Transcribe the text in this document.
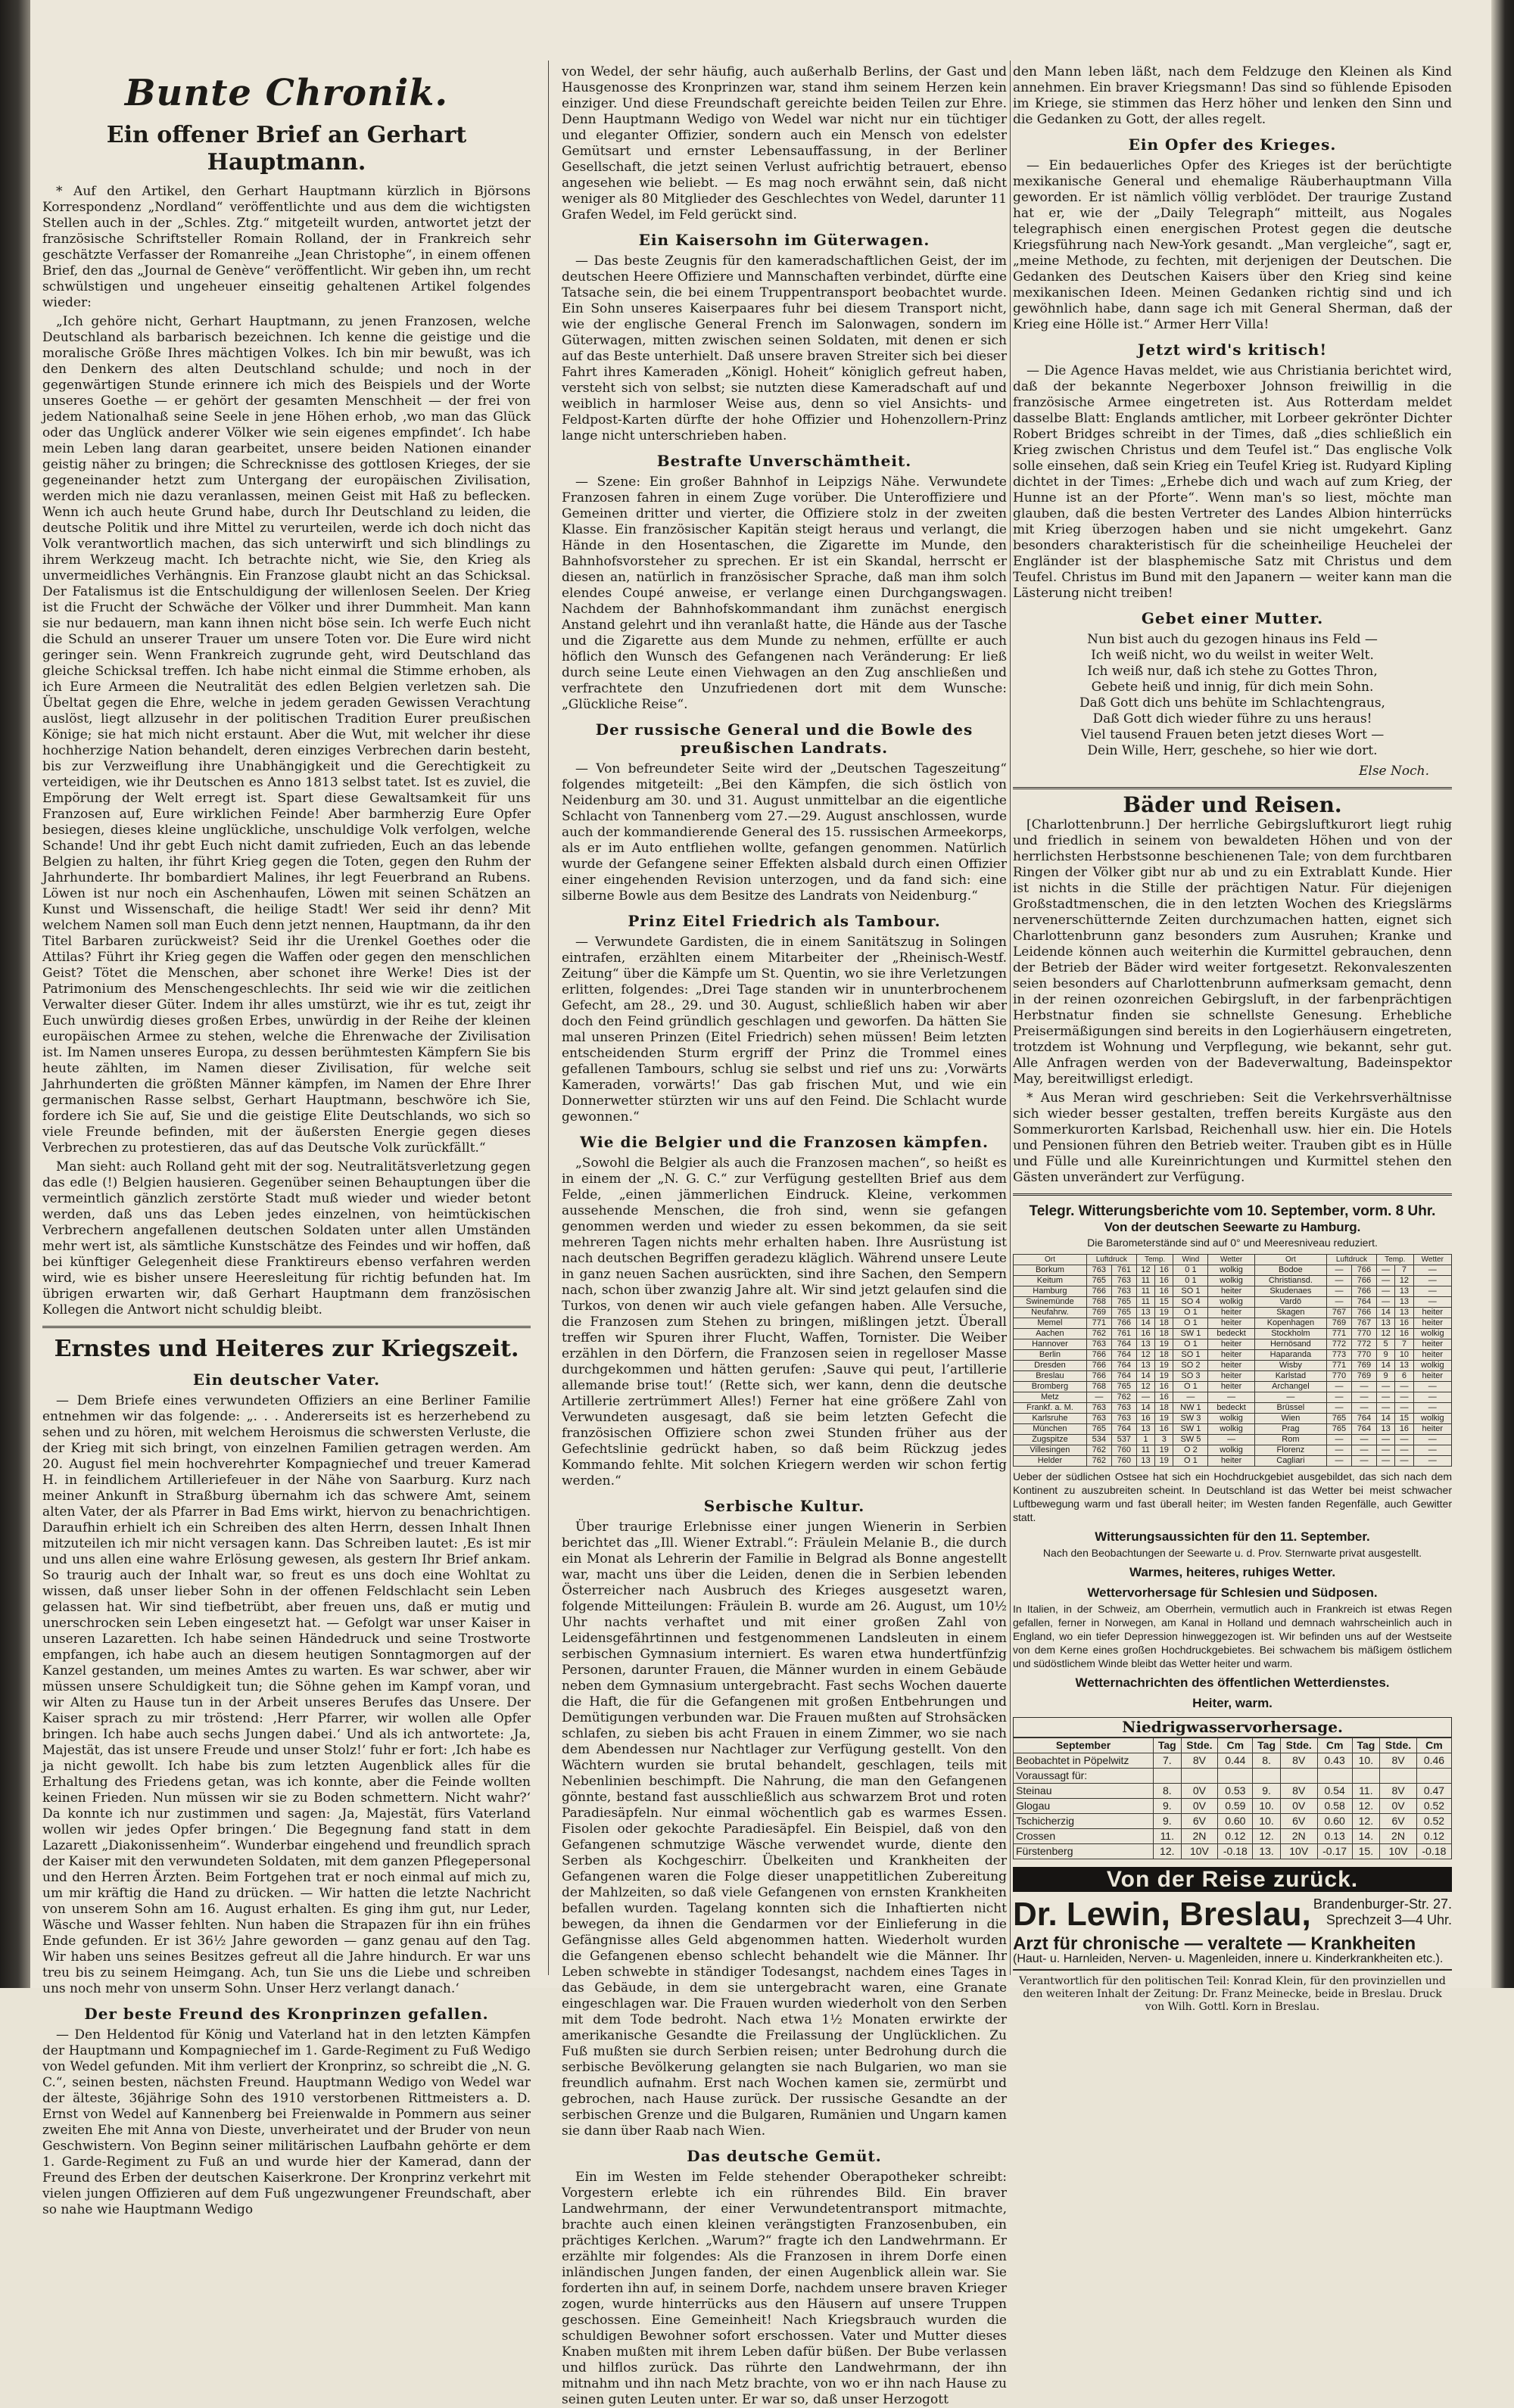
Bunte Chronik.
Ein offener Brief an Gerhart Hauptmann.

* Auf den Artikel, den Gerhart Hauptmann kürzlich in Björsons Korrespondenz „Nordland“ veröffentlichte und aus dem die wichtigsten Stellen auch in der „Schles. Ztg.“ mitgeteilt wurden, antwortet jetzt der französische Schriftsteller Romain Rolland, der in Frankreich sehr geschätzte Verfasser der Romanreihe „Jean Christophe“, in einem offenen Brief, den das „Journal de Genève“ veröffentlicht. Wir geben ihn, um recht schwülstigen und ungeheuer einseitig gehaltenen Artikel folgendes wieder:

„Ich gehöre nicht, Gerhart Hauptmann, zu jenen Franzosen, welche Deutschland als barbarisch bezeichnen. Ich kenne die geistige und die moralische Größe Ihres mächtigen Volkes. Ich bin mir bewußt, was ich den Denkern des alten Deutschland schulde; und noch in der gegenwärtigen Stunde erinnere ich mich des Beispiels und der Worte unseres Goethe — er gehört der gesamten Menschheit — der frei von jedem Nationalhaß seine Seele in jene Höhen erhob, ‚wo man das Glück oder das Unglück anderer Völker wie sein eigenes empfindet‘. Ich habe mein Leben lang daran gearbeitet, unsere beiden Nationen einander geistig näher zu bringen; die Schrecknisse des gottlosen Krieges, der sie gegeneinander hetzt zum Untergang der europäischen Zivilisation, werden mich nie dazu veranlassen, meinen Geist mit Haß zu beflecken. Wenn ich auch heute Grund habe, durch Ihr Deutschland zu leiden, die deutsche Politik und ihre Mittel zu verurteilen, werde ich doch nicht das Volk verantwortlich machen, das sich unterwirft und sich blindlings zu ihrem Werkzeug macht. Ich betrachte nicht, wie Sie, den Krieg als unvermeidliches Verhängnis. Ein Franzose glaubt nicht an das Schicksal. Der Fatalismus ist die Entschuldigung der willenlosen Seelen. Der Krieg ist die Frucht der Schwäche der Völker und ihrer Dummheit. Man kann sie nur bedauern, man kann ihnen nicht böse sein. Ich werfe Euch nicht die Schuld an unserer Trauer um unsere Toten vor. Die Eure wird nicht geringer sein. Wenn Frankreich zugrunde geht, wird Deutschland das gleiche Schicksal treffen. Ich habe nicht einmal die Stimme erhoben, als ich Eure Armeen die Neutralität des edlen Belgien verletzen sah. Die Übeltat gegen die Ehre, welche in jedem geraden Gewissen Verachtung auslöst, liegt allzusehr in der politischen Tradition Eurer preußischen Könige; sie hat mich nicht erstaunt. Aber die Wut, mit welcher ihr diese hochherzige Nation behandelt, deren einziges Verbrechen darin besteht, bis zur Verzweiflung ihre Unabhängigkeit und die Gerechtigkeit zu verteidigen, wie ihr Deutschen es Anno 1813 selbst tatet. Ist es zuviel, die Empörung der Welt erregt ist. Spart diese Gewaltsamkeit für uns Franzosen auf, Eure wirklichen Feinde! Aber barmherzig Eure Opfer besiegen, dieses kleine unglückliche, unschuldige Volk verfolgen, welche Schande! Und ihr gebt Euch nicht damit zufrieden, Euch an das lebende Belgien zu halten, ihr führt Krieg gegen die Toten, gegen den Ruhm der Jahrhunderte. Ihr bombardiert Malines, ihr legt Feuerbrand an Rubens. Löwen ist nur noch ein Aschenhaufen, Löwen mit seinen Schätzen an Kunst und Wissenschaft, die heilige Stadt! Wer seid ihr denn? Mit welchem Namen soll man Euch denn jetzt nennen, Hauptmann, da ihr den Titel Barbaren zurückweist? Seid ihr die Urenkel Goethes oder die Attilas? Führt ihr Krieg gegen die Waffen oder gegen den menschlichen Geist? Tötet die Menschen, aber schonet ihre Werke! Dies ist der Patrimonium des Menschengeschlechts. Ihr seid wie wir die zeitlichen Verwalter dieser Güter. Indem ihr alles umstürzt, wie ihr es tut, zeigt ihr Euch unwürdig dieses großen Erbes, unwürdig in der Reihe der kleinen europäischen Armee zu stehen, welche die Ehrenwache der Zivilisation ist. Im Namen unseres Europa, zu dessen berühmtesten Kämpfern Sie bis heute zählten, im Namen dieser Zivilisation, für welche seit Jahrhunderten die größten Männer kämpfen, im Namen der Ehre Ihrer germanischen Rasse selbst, Gerhart Hauptmann, beschwöre ich Sie, fordere ich Sie auf, Sie und die geistige Elite Deutschlands, wo sich so viele Freunde befinden, mit der äußersten Energie gegen dieses Verbrechen zu protestieren, das auf das Deutsche Volk zurückfällt.“

Man sieht: auch Rolland geht mit der sog. Neutralitätsverletzung gegen das edle (!) Belgien hausieren. Gegenüber seinen Behauptungen über die vermeintlich gänzlich zerstörte Stadt muß wieder und wieder betont werden, daß uns das Leben jedes einzelnen, von heimtückischen Verbrechern angefallenen deutschen Soldaten unter allen Umständen mehr wert ist, als sämtliche Kunstschätze des Feindes und wir hoffen, daß bei künftiger Gelegenheit diese Franktireurs ebenso verfahren werden wird, wie es bisher unsere Heeresleitung für richtig befunden hat. Im übrigen erwarten wir, daß Gerhart Hauptmann dem französischen Kollegen die Antwort nicht schuldig bleibt.

Ernstes und Heiteres zur Kriegszeit.
Ein deutscher Vater.

— Dem Briefe eines verwundeten Offiziers an eine Berliner Familie entnehmen wir das folgende: „. . . Andererseits ist es herzerhebend zu sehen und zu hören, mit welchem Heroismus die schwersten Verluste, die der Krieg mit sich bringt, von einzelnen Familien getragen werden. Am 20. August fiel mein hochverehrter Kompagniechef und treuer Kamerad H. in feindlichem Artilleriefeuer in der Nähe von Saarburg. Kurz nach meiner Ankunft in Straßburg übernahm ich das schwere Amt, seinem alten Vater, der als Pfarrer in Bad Ems wirkt, hiervon zu benachrichtigen. Daraufhin erhielt ich ein Schreiben des alten Herrn, dessen Inhalt Ihnen mitzuteilen ich mir nicht versagen kann. Das Schreiben lautet: ‚Es ist mir und uns allen eine wahre Erlösung gewesen, als gestern Ihr Brief ankam. So traurig auch der Inhalt war, so freut es uns doch eine Wohltat zu wissen, daß unser lieber Sohn in der offenen Feldschlacht sein Leben gelassen hat. Wir sind tiefbetrübt, aber freuen uns, daß er mutig und unerschrocken sein Leben eingesetzt hat. — Gefolgt war unser Kaiser in unseren Lazaretten. Ich habe seinen Händedruck und seine Trostworte empfangen, ich habe auch an diesem heutigen Sonntagmorgen auf der Kanzel gestanden, um meines Amtes zu warten. Es war schwer, aber wir müssen unsere Schuldigkeit tun; die Söhne gehen im Kampf voran, und wir Alten zu Hause tun in der Arbeit unseres Berufes das Unsere. Der Kaiser sprach zu mir tröstend: ‚Herr Pfarrer, wir wollen alle Opfer bringen. Ich habe auch sechs Jungen dabei.‘ Und als ich antwortete: ‚Ja, Majestät, das ist unsere Freude und unser Stolz!‘ fuhr er fort: ‚Ich habe es ja nicht gewollt. Ich habe bis zum letzten Augenblick alles für die Erhaltung des Friedens getan, was ich konnte, aber die Feinde wollten keinen Frieden. Nun müssen wir sie zu Boden schmettern. Nicht wahr?‘ Da konnte ich nur zustimmen und sagen: ‚Ja, Majestät, fürs Vaterland wollen wir jedes Opfer bringen.‘ Die Begegnung fand statt in dem Lazarett „Diakonissenheim“. Wunderbar eingehend und freundlich sprach der Kaiser mit den verwundeten Soldaten, mit dem ganzen Pflegepersonal und den Herren Ärzten. Beim Fortgehen trat er noch einmal auf mich zu, um mir kräftig die Hand zu drücken. — Wir hatten die letzte Nachricht von unserem Sohn am 16. August erhalten. Es ging ihm gut, nur Leder, Wäsche und Wasser fehlten. Nun haben die Strapazen für ihn ein frühes Ende gefunden. Er ist 36½ Jahre geworden — ganz genau auf den Tag. Wir haben uns seines Besitzes gefreut all die Jahre hindurch. Er war uns treu bis zu seinem Heimgang. Ach, tun Sie uns die Liebe und schreiben uns noch mehr von unserm Sohn. Unser Herz verlangt danach.‘

Der beste Freund des Kronprinzen gefallen.

— Den Heldentod für König und Vaterland hat in den letzten Kämpfen der Hauptmann und Kompagniechef im 1. Garde-Regiment zu Fuß Wedigo von Wedel gefunden. Mit ihm verliert der Kronprinz, so schreibt die „N. G. C.“, seinen besten, nächsten Freund. Hauptmann Wedigo von Wedel war der älteste, 36jährige Sohn des 1910 verstorbenen Rittmeisters a. D. Ernst von Wedel auf Kannenberg bei Freienwalde in Pommern aus seiner zweiten Ehe mit Anna von Dieste, unverheiratet und der Bruder von neun Geschwistern. Von Beginn seiner militärischen Laufbahn gehörte er dem 1. Garde-Regiment zu Fuß an und wurde hier der Kamerad, dann der Freund des Erben der deutschen Kaiserkrone. Der Kronprinz verkehrt mit vielen jungen Offizieren auf dem Fuß ungezwungener Freundschaft, aber so nahe wie Hauptmann Wedigo

von Wedel, der sehr häufig, auch außerhalb Berlins, der Gast und Hausgenosse des Kronprinzen war, stand ihm seinem Herzen kein einziger. Und diese Freundschaft gereichte beiden Teilen zur Ehre. Denn Hauptmann Wedigo von Wedel war nicht nur ein tüchtiger und eleganter Offizier, sondern auch ein Mensch von edelster Gemütsart und ernster Lebensauffassung, in der Berliner Gesellschaft, die jetzt seinen Verlust aufrichtig betrauert, ebenso angesehen wie beliebt. — Es mag noch erwähnt sein, daß nicht weniger als 80 Mitglieder des Geschlechtes von Wedel, darunter 11 Grafen Wedel, im Feld gerückt sind.

Ein Kaisersohn im Güterwagen.

— Das beste Zeugnis für den kameradschaftlichen Geist, der im deutschen Heere Offiziere und Mannschaften verbindet, dürfte eine Tatsache sein, die bei einem Truppentransport beobachtet wurde. Ein Sohn unseres Kaiserpaares fuhr bei diesem Transport nicht, wie der englische General French im Salonwagen, sondern im Güterwagen, mitten zwischen seinen Soldaten, mit denen er sich auf das Beste unterhielt. Daß unsere braven Streiter sich bei dieser Fahrt ihres Kameraden „Königl. Hoheit“ königlich gefreut haben, versteht sich von selbst; sie nutzten diese Kameradschaft auf und weiblich in harmloser Weise aus, denn so viel Ansichts- und Feldpost-Karten dürfte der hohe Offizier und Hohenzollern-Prinz lange nicht unterschrieben haben.

Bestrafte Unverschämtheit.

— Szene: Ein großer Bahnhof in Leipzigs Nähe. Verwundete Franzosen fahren in einem Zuge vorüber. Die Unteroffiziere und Gemeinen dritter und vierter, die Offiziere stolz in der zweiten Klasse. Ein französischer Kapitän steigt heraus und verlangt, die Hände in den Hosentaschen, die Zigarette im Munde, den Bahnhofsvorsteher zu sprechen. Er ist ein Skandal, herrscht er diesen an, natürlich in französischer Sprache, daß man ihm solch elendes Coupé anweise, er verlange einen Durchgangswagen. Nachdem der Bahnhofskommandant ihm zunächst energisch Anstand gelehrt und ihn veranlaßt hatte, die Hände aus der Tasche und die Zigarette aus dem Munde zu nehmen, erfüllte er auch höflich den Wunsch des Gefangenen nach Veränderung: Er ließ durch seine Leute einen Viehwagen an den Zug anschließen und verfrachtete den Unzufriedenen dort mit dem Wunsche: „Glückliche Reise“.

Der russische General und die Bowle des preußischen Landrats.

— Von befreundeter Seite wird der „Deutschen Tageszeitung“ folgendes mitgeteilt: „Bei den Kämpfen, die sich östlich von Neidenburg am 30. und 31. August unmittelbar an die eigentliche Schlacht von Tannenberg vom 27.—29. August anschlossen, wurde auch der kommandierende General des 15. russischen Armeekorps, als er im Auto entfliehen wollte, gefangen genommen. Natürlich wurde der Gefangene seiner Effekten alsbald durch einen Offizier einer eingehenden Revision unterzogen, und da fand sich: eine silberne Bowle aus dem Besitze des Landrats von Neidenburg.“

Prinz Eitel Friedrich als Tambour.

— Verwundete Gardisten, die in einem Sanitätszug in Solingen eintrafen, erzählten einem Mitarbeiter der „Rheinisch-Westf. Zeitung“ über die Kämpfe um St. Quentin, wo sie ihre Verletzungen erlitten, folgendes: „Drei Tage standen wir in ununterbrochenem Gefecht, am 28., 29. und 30. August, schließlich haben wir aber doch den Feind gründlich geschlagen und geworfen. Da hätten Sie mal unseren Prinzen (Eitel Friedrich) sehen müssen! Beim letzten entscheidenden Sturm ergriff der Prinz die Trommel eines gefallenen Tambours, schlug sie selbst und rief uns zu: ‚Vorwärts Kameraden, vorwärts!‘ Das gab frischen Mut, und wie ein Donnerwetter stürzten wir uns auf den Feind. Die Schlacht wurde gewonnen.“

Wie die Belgier und die Franzosen kämpfen.

„Sowohl die Belgier als auch die Franzosen machen“, so heißt es in einem der „N. G. C.“ zur Verfügung gestellten Brief aus dem Felde, „einen jämmerlichen Eindruck. Kleine, verkommen aussehende Menschen, die froh sind, wenn sie gefangen genommen werden und wieder zu essen bekommen, da sie seit mehreren Tagen nichts mehr erhalten haben. Ihre Ausrüstung ist nach deutschen Begriffen geradezu kläglich. Während unsere Leute in ganz neuen Sachen ausrückten, sind ihre Sachen, den Sempern nach, schon über zwanzig Jahre alt. Wir sind jetzt gelaufen sind die Turkos, von denen wir auch viele gefangen haben. Alle Versuche, die Franzosen zum Stehen zu bringen, mißlingen jetzt. Überall treffen wir Spuren ihrer Flucht, Waffen, Tornister. Die Weiber erzählen in den Dörfern, die Franzosen seien in regelloser Masse durchgekommen und hätten gerufen: ‚Sauve qui peut, l’artillerie allemande brise tout!‘ (Rette sich, wer kann, denn die deutsche Artillerie zertrümmert Alles!) Ferner hat eine größere Zahl von Verwundeten ausgesagt, daß sie beim letzten Gefecht die französischen Offiziere schon zwei Stunden früher aus der Gefechtslinie gedrückt haben, so daß beim Rückzug jedes Kommando fehlte. Mit solchen Kriegern werden wir schon fertig werden.“

Serbische Kultur.

Über traurige Erlebnisse einer jungen Wienerin in Serbien berichtet das „Ill. Wiener Extrabl.“: Fräulein Melanie B., die durch ein Monat als Lehrerin der Familie in Belgrad als Bonne angestellt war, macht uns über die Leiden, denen die in Serbien lebenden Österreicher nach Ausbruch des Krieges ausgesetzt waren, folgende Mitteilungen: Fräulein B. wurde am 26. August, um 10½ Uhr nachts verhaftet und mit einer großen Zahl von Leidensgefährtinnen und festgenommenen Landsleuten in einem serbischen Gymnasium interniert. Es waren etwa hundertfünfzig Personen, darunter Frauen, die Männer wurden in einem Gebäude neben dem Gymnasium untergebracht. Fast sechs Wochen dauerte die Haft, die für die Gefangenen mit großen Entbehrungen und Demütigungen verbunden war. Die Frauen mußten auf Strohsäcken schlafen, zu sieben bis acht Frauen in einem Zimmer, wo sie nach dem Abendessen nur Nachtlager zur Verfügung gestellt. Von den Wächtern wurden sie brutal behandelt, geschlagen, teils mit Nebenlinien beschimpft. Die Nahrung, die man den Gefangenen gönnte, bestand fast ausschließlich aus schwarzem Brot und roten Paradiesäpfeln. Nur einmal wöchentlich gab es warmes Essen. Fisolen oder gekochte Paradiesäpfel. Ein Beispiel, daß von den Gefangenen schmutzige Wäsche verwendet wurde, diente den Serben als Kochgeschirr. Übelkeiten und Krankheiten der Gefangenen waren die Folge dieser unappetitlichen Zubereitung der Mahlzeiten, so daß viele Gefangenen von ernsten Krankheiten befallen wurden. Tagelang konnten sich die Inhaftierten nicht bewegen, da ihnen die Gendarmen vor der Einlieferung in die Gefängnisse alles Geld abgenommen hatten. Wiederholt wurden die Gefangenen ebenso schlecht behandelt wie die Männer. Ihr Leben schwebte in ständiger Todesangst, nachdem eines Tages in das Gebäude, in dem sie untergebracht waren, eine Granate eingeschlagen war. Die Frauen wurden wiederholt von den Serben mit dem Tode bedroht. Nach etwa 1½ Monaten erwirkte der amerikanische Gesandte die Freilassung der Unglücklichen. Zu Fuß mußten sie durch Serbien reisen; unter Bedrohung durch die serbische Bevölkerung gelangten sie nach Bulgarien, wo man sie freundlich aufnahm. Erst nach Wochen kamen sie, zermürbt und gebrochen, nach Hause zurück. Der russische Gesandte an der serbischen Grenze und die Bulgaren, Rumänien und Ungarn kamen sie dann über Raab nach Wien.

Das deutsche Gemüt.

Ein im Westen im Felde stehender Oberapotheker schreibt: Vorgestern erlebte ich ein rührendes Bild. Ein braver Landwehrmann, der einer Verwundetentransport mitmachte, brachte auch einen kleinen verängstigten Franzosenbuben, ein prächtiges Kerlchen. „Warum?“ fragte ich den Landwehrmann. Er erzählte mir folgendes: Als die Franzosen in ihrem Dorfe einen inländischen Jungen fanden, der einen Augenblick allein war. Sie forderten ihn auf, in seinem Dorfe, nachdem unsere braven Krieger zogen, wurde hinterrücks aus den Häusern auf unsere Truppen geschossen. Eine Gemeinheit! Nach Kriegsbrauch wurden die schuldigen Bewohner sofort erschossen. Vater und Mutter dieses Knaben mußten mit ihrem Leben dafür büßen. Der Bube verlassen und hilflos zurück. Das rührte den Landwehrmann, der ihn mitnahm und ihn nach Metz brachte, von wo er ihn nach Hause zu seinen guten Leuten unter. Er war so, daß unser Herzogott

den Mann leben läßt, nach dem Feldzuge den Kleinen als Kind annehmen. Ein braver Kriegsmann! Das sind so fühlende Episoden im Kriege, sie stimmen das Herz höher und lenken den Sinn und die Gedanken zu Gott, der alles regelt.

Ein Opfer des Krieges.

— Ein bedauerliches Opfer des Krieges ist der berüchtigte mexikanische General und ehemalige Räuberhauptmann Villa geworden. Er ist nämlich völlig verblödet. Der traurige Zustand hat er, wie der „Daily Telegraph“ mitteilt, aus Nogales telegraphisch einen energischen Protest gegen die deutsche Kriegsführung nach New-York gesandt. „Man vergleiche“, sagt er, „meine Methode, zu fechten, mit derjenigen der Deutschen. Die Gedanken des Deutschen Kaisers über den Krieg sind keine mexikanischen Ideen. Meinen Gedanken richtig sind und ich gewöhnlich habe, dann sage ich mit General Sherman, daß der Krieg eine Hölle ist.“ Armer Herr Villa!

Jetzt wird's kritisch!

— Die Agence Havas meldet, wie aus Christiania berichtet wird, daß der bekannte Negerboxer Johnson freiwillig in die französische Armee eingetreten ist. Aus Rotterdam meldet dasselbe Blatt: Englands amtlicher, mit Lorbeer gekrönter Dichter Robert Bridges schreibt in der Times, daß „dies schließlich ein Krieg zwischen Christus und dem Teufel ist.“ Das englische Volk solle einsehen, daß sein Krieg ein Teufel Krieg ist. Rudyard Kipling dichtet in der Times: „Erhebe dich und wach auf zum Krieg, der Hunne ist an der Pforte“. Wenn man's so liest, möchte man glauben, daß die besten Vertreter des Landes Albion hinterrücks mit Krieg überzogen haben und sie nicht umgekehrt. Ganz besonders charakteristisch für die scheinheilige Heuchelei der Engländer ist der blasphemische Satz mit Christus und dem Teufel. Christus im Bund mit den Japanern — weiter kann man die Lästerung nicht treiben!

Gebet einer Mutter.
Nun bist auch du gezogen hinaus ins Feld —
Ich weiß nicht, wo du weilst in weiter Welt.
Ich weiß nur, daß ich stehe zu Gottes Thron,
Gebete heiß und innig, für dich mein Sohn.
Daß Gott dich uns behüte im Schlachtengraus,
Daß Gott dich wieder führe zu uns heraus!
Viel tausend Frauen beten jetzt dieses Wort —
Dein Wille, Herr, geschehe, so hier wie dort.
Else Noch.
Bäder und Reisen.

[Charlottenbrunn.] Der herrliche Gebirgsluftkurort liegt ruhig und friedlich in seinem von bewaldeten Höhen und von der herrlichsten Herbstsonne beschienenen Tale; von dem furchtbaren Ringen der Völker gibt nur ab und zu ein Extrablatt Kunde. Hier ist nichts in die Stille der prächtigen Natur. Für diejenigen Großstadtmenschen, die in den letzten Wochen des Kriegslärms nervenerschütternde Zeiten durchzumachen hatten, eignet sich Charlottenbrunn ganz besonders zum Ausruhen; Kranke und Leidende können auch weiterhin die Kurmittel gebrauchen, denn der Betrieb der Bäder wird weiter fortgesetzt. Rekonvaleszenten seien besonders auf Charlottenbrunn aufmerksam gemacht, denn in der reinen ozonreichen Gebirgsluft, in der farbenprächtigen Herbstnatur finden sie schnellste Genesung. Erhebliche Preisermäßigungen sind bereits in den Logierhäusern eingetreten, trotzdem ist Wohnung und Verpflegung, wie bekannt, sehr gut. Alle Anfragen werden von der Badeverwaltung, Badeinspektor May, bereitwilligst erledigt.

* Aus Meran wird geschrieben: Seit die Verkehrsverhältnisse sich wieder besser gestalten, treffen bereits Kurgäste aus den Sommerkurorten Karlsbad, Reichenhall usw. hier ein. Die Hotels und Pensionen führen den Betrieb weiter. Trauben gibt es in Hülle und Fülle und alle Kureinrichtungen und Kurmittel stehen den Gästen unverändert zur Verfügung.

Telegr. Witterungsberichte vom 10. September, vorm. 8 Uhr.
Von der deutschen Seewarte zu Hamburg.
Die Barometerstände sind auf 0° und Meeresniveau reduziert.
Ort	Luftdruck		Temp.		Wind	Wetter	Ort	Luftdruck		Temp.		Wetter
Borkum	763	761	12	16	0 1	wolkig	Bodoe	—	766	—	7	—
Keitum	765	763	11	16	0 1	wolkig	Christiansd.	—	766	—	12	—
Hamburg	766	763	11	16	SO 1	heiter	Skudenaes	—	766	—	13	—
Swinemünde	768	765	11	15	SO 4	wolkig	Vardö	—	764	—	13	—
Neufahrw.	769	765	13	19	O 1	heiter	Skagen	767	766	14	13	heiter
Memel	771	766	14	18	O 1	heiter	Kopenhagen	769	767	13	16	heiter
Aachen	762	761	16	18	SW 1	bedeckt	Stockholm	771	770	12	16	wolkig
Hannover	763	764	13	19	O 1	heiter	Hernösand	772	772	5	7	heiter
Berlin	766	764	12	18	SO 1	heiter	Haparanda	773	770	9	10	heiter
Dresden	766	764	13	19	SO 2	heiter	Wisby	771	769	14	13	wolkig
Breslau	766	764	14	19	SO 3	heiter	Karlstad	770	769	9	6	heiter
Bromberg	768	765	12	16	O 1	heiter	Archangel	—	—	—	—	—
Metz	—	762	—	16	—	—	—	—	—	—	—	—
Frankf. a. M.	763	763	14	18	NW 1	bedeckt	Brüssel	—	—	—	—	—
Karlsruhe	763	763	16	19	SW 3	wolkig	Wien	765	764	14	15	wolkig
München	765	764	13	16	SW 1	wolkig	Prag	765	764	13	16	heiter
Zugspitze	534	537	1	3	SW 5	—	Rom	—	—	—	—	—
Villesingen	762	760	11	19	O 2	wolkig	Florenz	—	—	—	—	—
Helder	762	760	13	19	O 1	heiter	Cagliari	—	—	—	—	—
Ueber der südlichen Ostsee hat sich ein Hochdruckgebiet ausgebildet, das sich nach dem Kontinent zu auszubreiten scheint. In Deutschland ist das Wetter bei meist schwacher Luftbewegung warm und fast überall heiter; im Westen fanden Regenfälle, auch Gewitter statt.
Witterungsaussichten für den 11. September.
Nach den Beobachtungen der Seewarte u. d. Prov. Sternwarte privat ausgestellt.
Warmes, heiteres, ruhiges Wetter.
Wettervorhersage für Schlesien und Südposen.
In Italien, in der Schweiz, am Oberrhein, vermutlich auch in Frankreich ist etwas Regen gefallen, ferner in Norwegen, am Kanal in Holland und demnach wahrscheinlich auch in England, wo ein tiefer Depression hinweggezogen ist. Wir befinden uns auf der Westseite von dem Kerne eines großen Hochdruckgebietes. Bei schwachem bis mäßigem östlichem und südöstlichem Winde bleibt das Wetter heiter und warm.
Wetternachrichten des öffentlichen Wetterdienstes.
Heiter, warm.
Niedrigwasservorhersage.
September	Tag	Stde.	Cm	Tag	Stde.	Cm	Tag	Stde.	Cm
Beobachtet in Pöpelwitz	7.	8V	0.44	8.	8V	0.43	10.	8V	0.46
Voraussagt für:									
Steinau	8.	0V	0.53	9.	8V	0.54	11.	8V	0.47
Glogau	9.	0V	0.59	10.	0V	0.58	12.	0V	0.52
Tschicherzig	9.	6V	0.60	10.	6V	0.60	12.	6V	0.52
Crossen	11.	2N	0.12	12.	2N	0.13	14.	2N	0.12
Fürstenberg	12.	10V	-0.18	13.	10V	-0.17	15.	10V	-0.18
Von der Reise zurück.
Dr. Lewin, Breslau, Brandenburger-Str. 27.
Sprechzeit 3—4 Uhr.
Arzt für chronische — veraltete — Krankheiten
(Haut- u. Harnleiden, Nerven- u. Magenleiden, innere u. Kinderkrankheiten etc.).
Verantwortlich für den politischen Teil: Konrad Klein, für den provinziellen und den weiteren Inhalt der Zeitung: Dr. Franz Meinecke, beide in Breslau. Druck von Wilh. Gottl. Korn in Breslau.
